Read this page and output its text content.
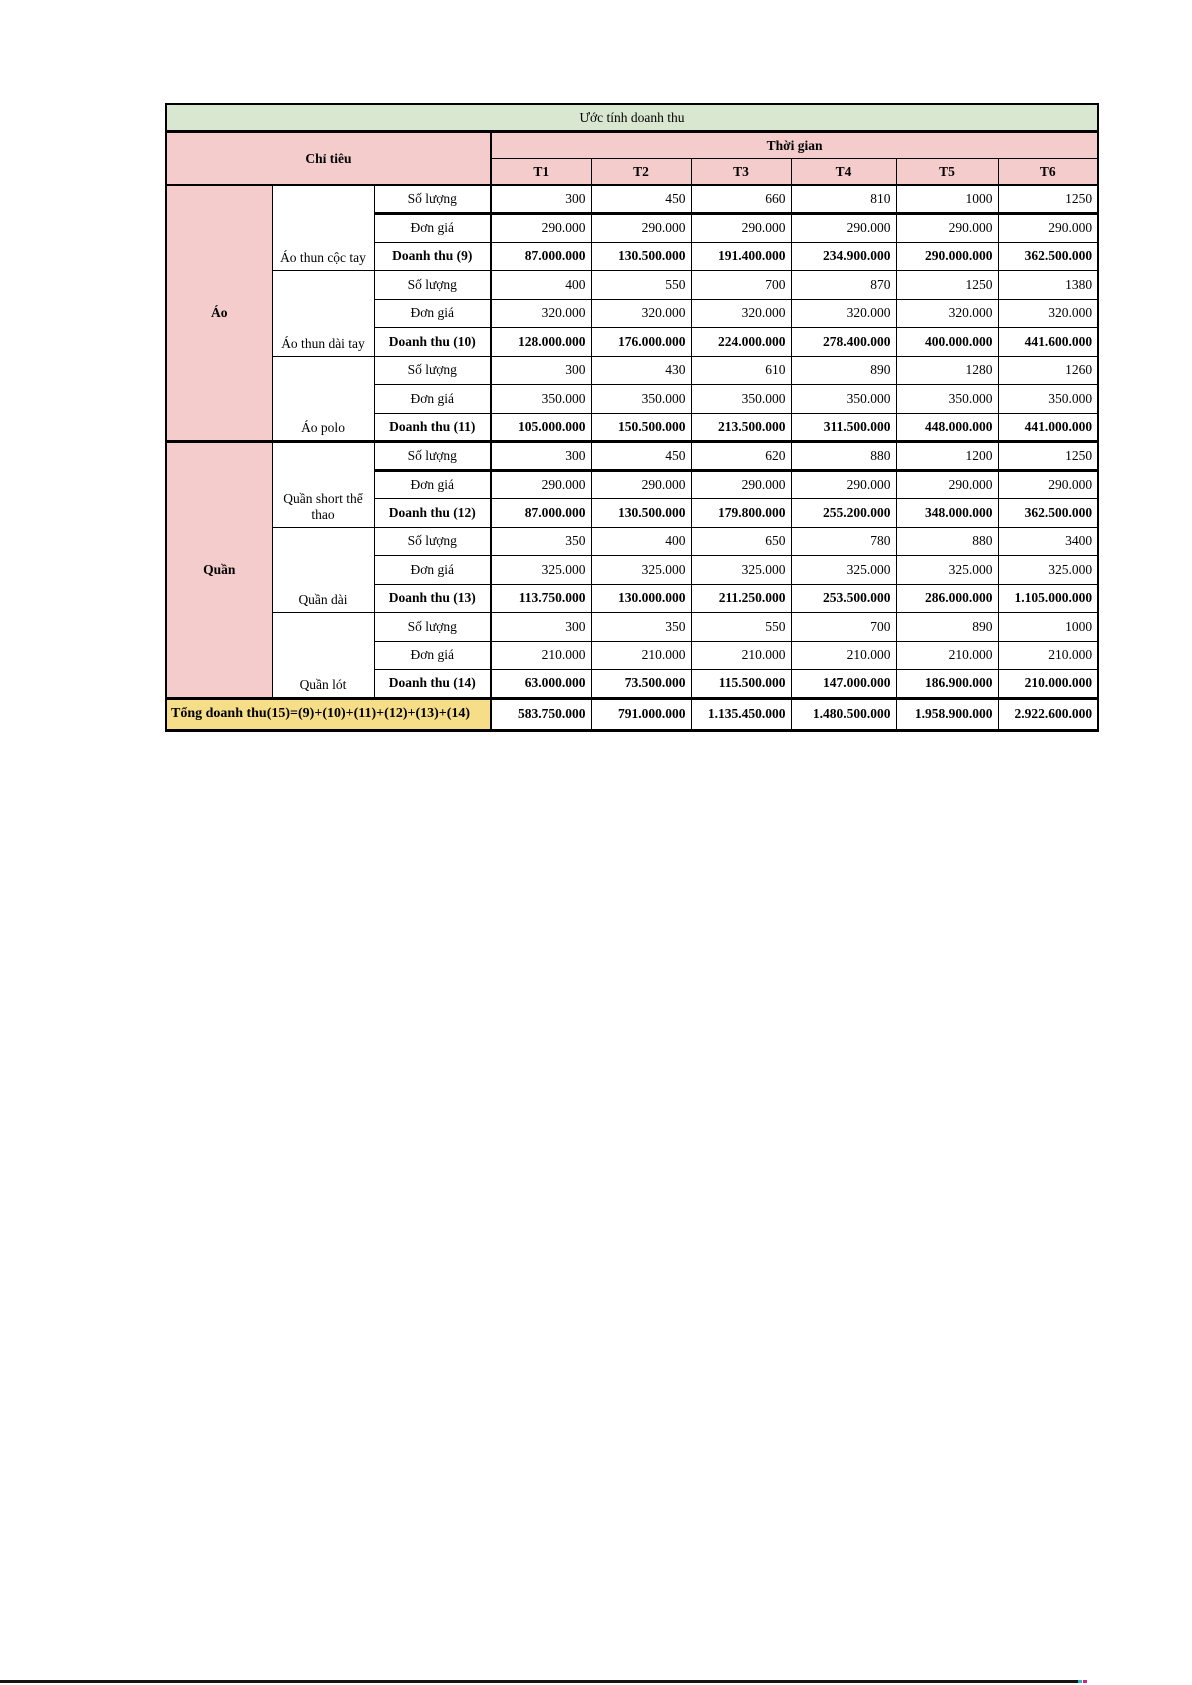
Ước tính doanh thu								
Chỉ tiêu			Thời gian					
			T1	T2	T3	T4	T5	T6
Áo	Áo thun cộc tay	Số lượng	300	450	660	810	1000	1250
		Đơn giá	290.000	290.000	290.000	290.000	290.000	290.000
		Doanh thu (9)	87.000.000	130.500.000	191.400.000	234.900.000	290.000.000	362.500.000
	Áo thun dài tay	Số lượng	400	550	700	870	1250	1380
		Đơn giá	320.000	320.000	320.000	320.000	320.000	320.000
		Doanh thu (10)	128.000.000	176.000.000	224.000.000	278.400.000	400.000.000	441.600.000
	Áo polo	Số lượng	300	430	610	890	1280	1260
		Đơn giá	350.000	350.000	350.000	350.000	350.000	350.000
		Doanh thu (11)	105.000.000	150.500.000	213.500.000	311.500.000	448.000.000	441.000.000
Quần	Quần short thể thao	Số lượng	300	450	620	880	1200	1250
		Đơn giá	290.000	290.000	290.000	290.000	290.000	290.000
		Doanh thu (12)	87.000.000	130.500.000	179.800.000	255.200.000	348.000.000	362.500.000
	Quần dài	Số lượng	350	400	650	780	880	3400
		Đơn giá	325.000	325.000	325.000	325.000	325.000	325.000
		Doanh thu (13)	113.750.000	130.000.000	211.250.000	253.500.000	286.000.000	1.105.000.000
	Quần lót	Số lượng	300	350	550	700	890	1000
		Đơn giá	210.000	210.000	210.000	210.000	210.000	210.000
		Doanh thu (14)	63.000.000	73.500.000	115.500.000	147.000.000	186.900.000	210.000.000
Tổng doanh thu(15)=(9)+(10)+(11)+(12)+(13)+(14)			583.750.000	791.000.000	1.135.450.000	1.480.500.000	1.958.900.000	2.922.600.000
